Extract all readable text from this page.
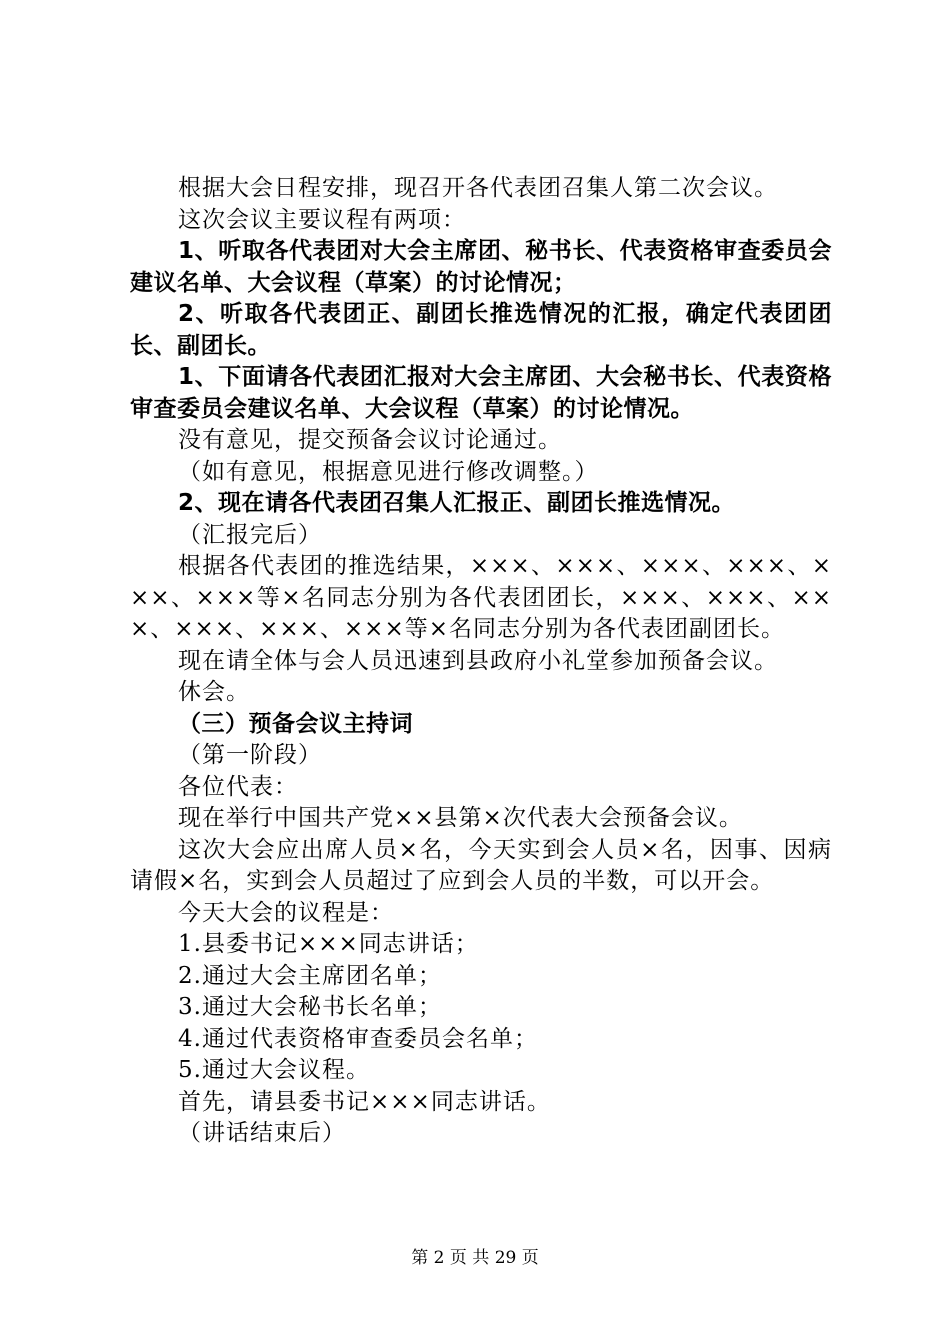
根据大会日程安排，现召开各代表团召集人第二次会议。

这次会议主要议程有两项：

1、听取各代表团对大会主席团、秘书长、代表资格审查委员会建议名单、大会议程（草案）的讨论情况；

2、听取各代表团正、副团长推选情况的汇报，确定代表团团长、副团长。

1、下面请各代表团汇报对大会主席团、大会秘书长、代表资格审查委员会建议名单、大会议程（草案）的讨论情况。

没有意见，提交预备会议讨论通过。

（如有意见，根据意见进行修改调整。）

2、现在请各代表团召集人汇报正、副团长推选情况。

（汇报完后）

根据各代表团的推选结果，×××、×××、×××、×××、×××、×××等×名同志分别为各代表团团长，×××、×××、×××、×××、×××、×××等×名同志分别为各代表团副团长。

现在请全体与会人员迅速到县政府小礼堂参加预备会议。

休会。

（三）预备会议主持词

（第一阶段）

各位代表：

现在举行中国共产党××县第×次代表大会预备会议。

这次大会应出席人员×名，今天实到会人员×名，因事、因病请假×名，实到会人员超过了应到会人员的半数，可以开会。

今天大会的议程是：

1.县委书记×××同志讲话；

2.通过大会主席团名单；

3.通过大会秘书长名单；

4.通过代表资格审查委员会名单；

5.通过大会议程。

首先，请县委书记×××同志讲话。

（讲话结束后）

第 2 页 共 29 页
